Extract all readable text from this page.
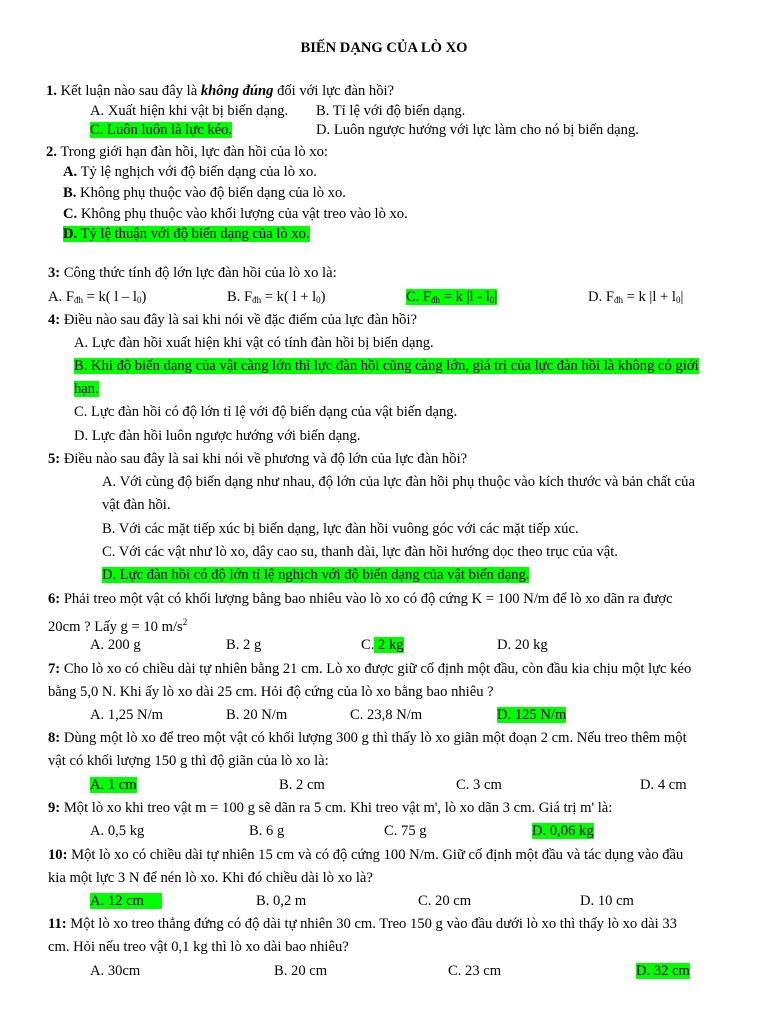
BIẾN DẠNG CỦA LÒ XO
1. Kết luận nào sau đây là không đúng đối với lực đàn hồi?
A. Xuất hiện khi vật bị biến dạng. B. Tỉ lệ với độ biến dạng.
C. Luôn luôn là lực kéo.	D. Luôn ngược hướng với lực làm cho nó bị biến dạng.
2. Trong giới hạn đàn hồi, lực đàn hồi của lò xo:
A. Tỷ lệ nghịch với độ biến dạng của lò xo.
B. Không phụ thuộc vào độ biến dạng của lò xo.
C. Không phụ thuộc vào khối lượng của vật treo vào lò xo.
D. Tỷ lệ thuận với độ biến dạng của lò xo.
3: Công thức tính độ lớn lực đàn hồi của lò xo là:
A. $F_{đh} = k$( l – $l_0$)	B. $F_{đh} = k$( $l + l_0$)	C. $F_{đh} = k$ $|l - l_0|$	D. $F_{đh} = k$ $|l + l_0|$
4: Điều nào sau đây là sai khi nói về đặc điểm của lực đàn hồi?
A. Lực đàn hồi xuất hiện khi vật có tính đàn hồi bị biến dạng.
B. Khi độ biến dạng của vật càng lớn thì lực đàn hồi cũng càng lớn, giá trị của lực đàn hồi là không có giới
hạn.
C. Lực đàn hồi có độ lớn tỉ lệ với độ biến dạng của vật biến dạng.
D. Lực đàn hồi luôn ngược hướng với biến dạng.
5: Điều nào sau đây là sai khi nói về phương và độ lớn của lực đàn hồi?
A. Với cùng độ biến dạng như nhau, độ lớn của lực đàn hồi phụ thuộc vào kích thước và bản chất của
vật đàn hồi.
B. Với các mặt tiếp xúc bị biến dạng, lực đàn hồi vuông góc với các mặt tiếp xúc.
C. Với các vật như lò xo, dây cao su, thanh dài, lực đàn hồi hướng dọc theo trục của vật.
D. Lực đàn hồi có độ lớn tỉ lệ nghịch với độ biến dạng của vật biến dạng.
6: Phải treo một vật có khối lượng bằng bao nhiêu vào lò xo có độ cứng K = 100 N/m để lò xo dãn ra được
20cm ? Lấy g = 10 $m/s^2$
A. 200 g	B. 2 g	C. 2 kg	D. 20 kg
7: Cho lò xo có chiều dài tự nhiên bằng 21 cm. Lò xo được giữ cố định một đầu, còn đầu kia chịu một lực kéo
bằng 5,0 N. Khi ấy lò xo dài 25 cm. Hỏi độ cứng của lò xo bằng bao nhiêu ?
A. 1,25 N/m	B. 20 N/m	C. 23,8 N/m	D. 125 N/m
8: Dùng một lò xo để treo một vật có khối lượng 300 g thì thấy lò xo giãn một đoạn 2 cm. Nếu treo thêm một
vật có khối lượng 150 g thì độ giãn của lò xo là:
A. 1 cm	B. 2 cm	C. 3 cm	D. 4 cm
9: Một lò xo khi treo vật m = 100 g sẽ dãn ra 5 cm. Khi treo vật m', lò xo dãn 3 cm. Giá trị m' là:
A. 0,5 kg	B. 6 g	C. 75 g	D. 0,06 kg
10: Một lò xo có chiều dài tự nhiên 15 cm và có độ cứng 100 N/m. Giữ cố định một đầu và tác dụng vào đầu
kia một lực 3 N để nén lò xo. Khi đó chiều dài lò xo là?
A. 12 cm	B. 0,2 m	C. 20 cm	D. 10 cm
11: Một lò xo treo thẳng đứng có độ dài tự nhiên 30 cm. Treo 150 g vào đầu dưới lò xo thì thấy lò xo dài 33
cm. Hỏi nếu treo vật 0,1 kg thì lò xo dài bao nhiêu?
A. 30cm	B. 20 cm	C. 23 cm	D. 32 cm
